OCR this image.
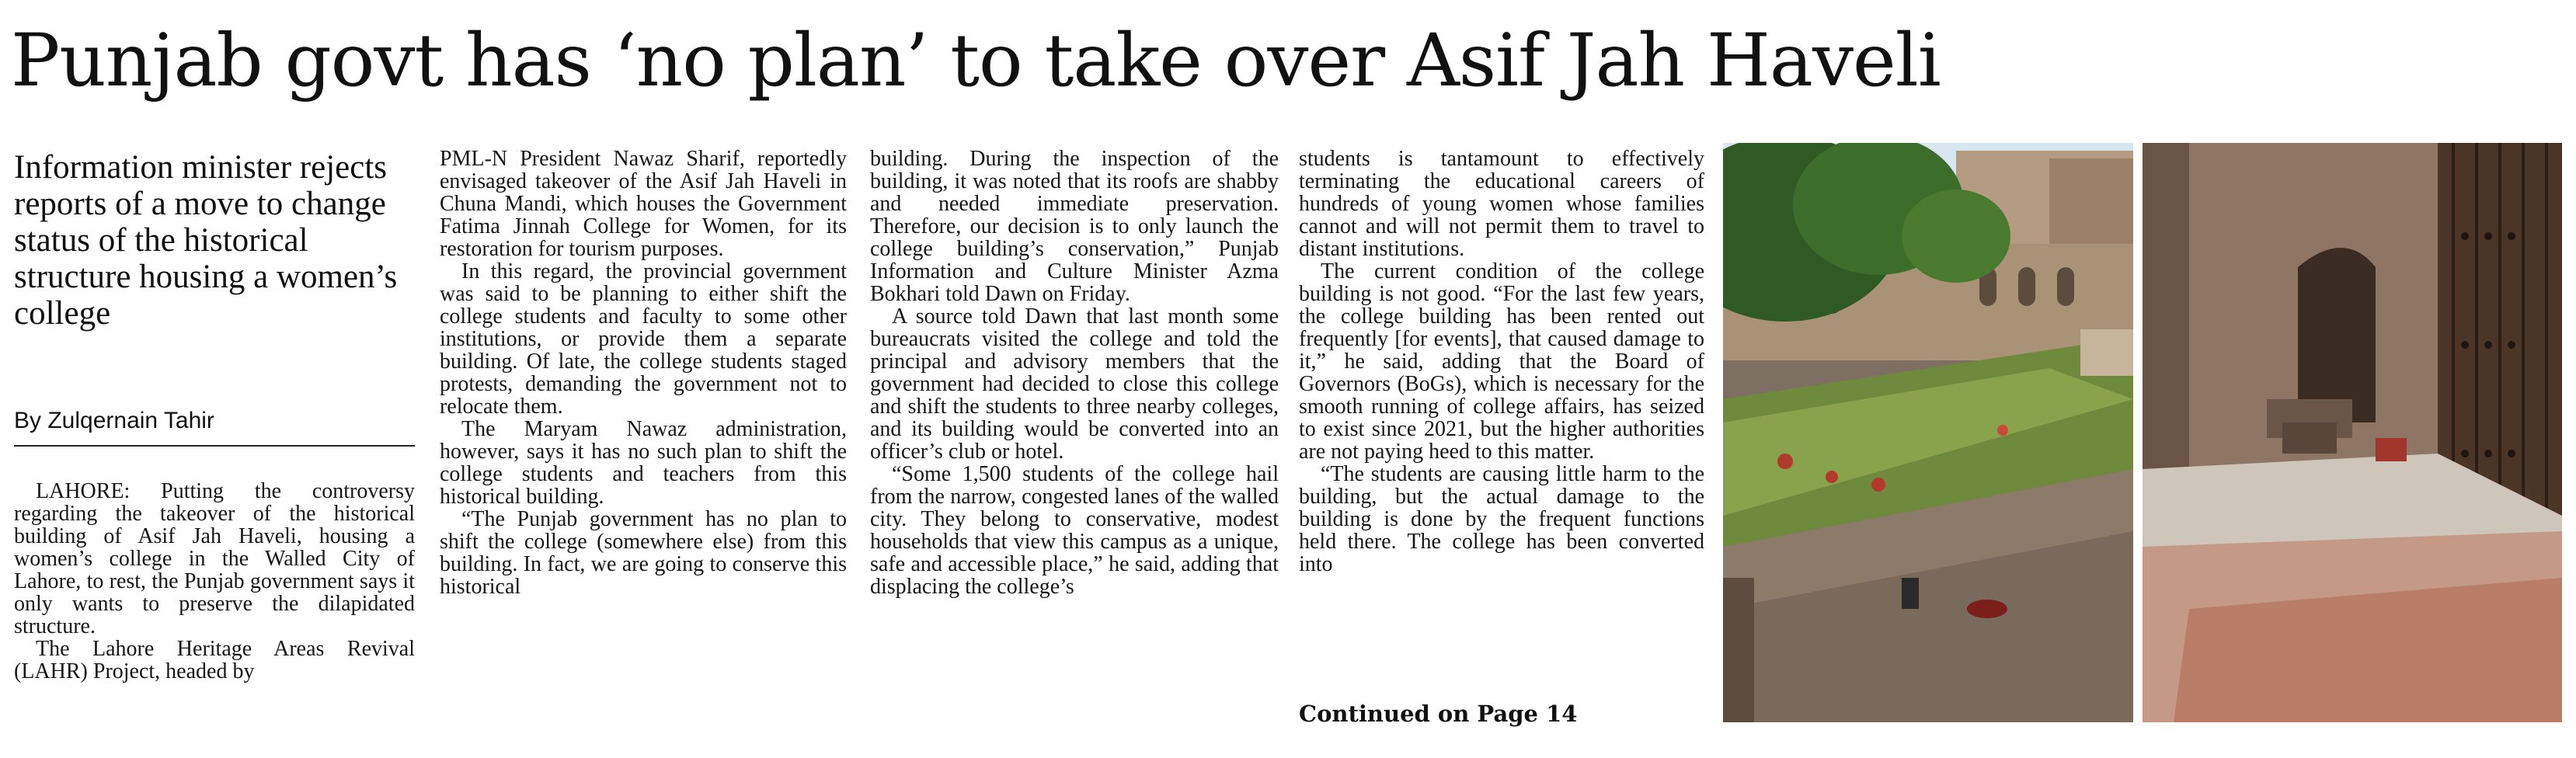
Punjab govt has ‘no plan’ to take over Asif Jah Haveli
Information minister rejects reports of a move to change status of the historical structure housing a women’s college
By Zulqernain Tahir

LAHORE: Putting the controversy regarding the takeover of the historical building of Asif Jah Haveli, housing a women’s college in the Walled City of Lahore, to rest, the Punjab government says it only wants to preserve the dilapidated structure.

The Lahore Heritage Areas Revival (LAHR) Project, headed by

PML-N President Nawaz Sharif, reportedly envisaged takeover of the Asif Jah Haveli in Chuna Mandi, which houses the Government Fatima Jinnah College for Women, for its restoration for tourism purposes.

In this regard, the provincial government was said to be planning to either shift the college students and faculty to some other institutions, or provide them a separate building. Of late, the college students staged protests, demanding the government not to relocate them.

The Maryam Nawaz administration, however, says it has no such plan to shift the college students and teachers from this historical building.

“The Punjab government has no plan to shift the college (somewhere else) from this building. In fact, we are going to conserve this historical

building. During the inspection of the building, it was noted that its roofs are shabby and needed immediate preservation. Therefore, our decision is to only launch the college building’s conservation,” Punjab Information and Culture Minister Azma Bokhari told Dawn on Friday.

A source told Dawn that last month some bureaucrats visited the college and told the principal and advisory members that the government had decided to close this college and shift the students to three nearby colleges, and its building would be converted into an officer’s club or hotel.

“Some 1,500 students of the college hail from the narrow, congested lanes of the walled city. They belong to conservative, modest households that view this campus as a unique, safe and accessible place,” he said, adding that displacing the college’s

students is tantamount to effectively terminating the educational careers of hundreds of young women whose families cannot and will not permit them to travel to distant institutions.

The current condition of the college building is not good. “For the last few years, the college building has been rented out frequently [for events], that caused damage to it,” he said, adding that the Board of Governors (BoGs), which is necessary for the smooth running of college affairs, has seized to exist since 2021, but the higher authorities are not paying heed to this matter.

“The students are causing little harm to the building, but the actual damage to the building is done by the frequent functions held there. The college has been converted into

Continued on Page 14
